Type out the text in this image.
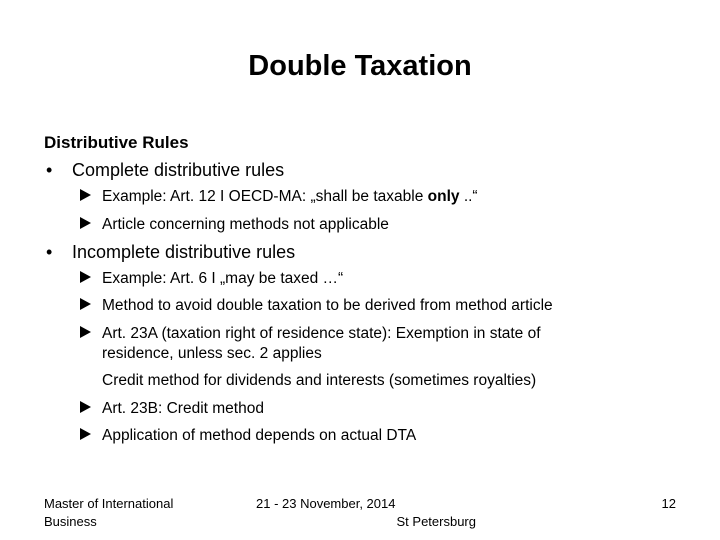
Double Taxation
Distributive Rules
• Complete distributive rules
Example: Art. 12 I OECD-MA: „shall be taxable only ..“
Article concerning methods not applicable
• Incomplete distributive rules
Example: Art. 6 I „may be taxed …“
Method to avoid double taxation to be derived from method article
Art. 23A (taxation right of residence state): Exemption in state of
residence, unless sec. 2 applies
Credit method for dividends and interests (sometimes royalties)
Art. 23B: Credit method
Application of method depends on actual DTA
Master of International
Business
21 - 23 November, 2014
St Petersburg
12
